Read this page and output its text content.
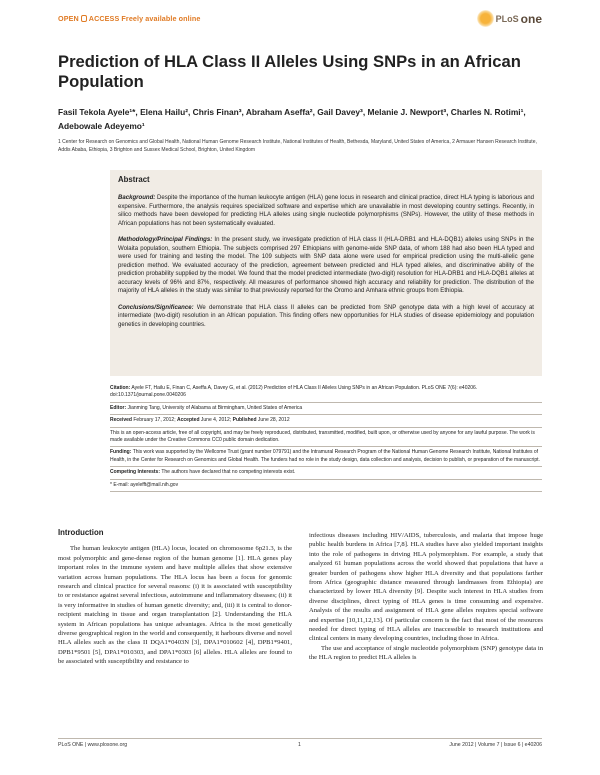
OPEN ACCESS Freely available online	PLoS one
Prediction of HLA Class II Alleles Using SNPs in an African Population
Fasil Tekola Ayele¹*, Elena Hailu², Chris Finan³, Abraham Aseffa², Gail Davey³, Melanie J. Newport³, Charles N. Rotimi¹, Adebowale Adeyemo¹
1 Center for Research on Genomics and Global Health, National Human Genome Research Institute, National Institutes of Health, Bethesda, Maryland, United States of America, 2 Armauer Hansen Research Institute, Addis Ababa, Ethiopia, 3 Brighton and Sussex Medical School, Brighton, United Kingdom
Abstract

Background: Despite the importance of the human leukocyte antigen (HLA) gene locus in research and clinical practice, direct HLA typing is laborious and expensive. Furthermore, the analysis requires specialized software and expertise which are unavailable in most developing country settings. Recently, in silico methods have been developed for predicting HLA alleles using single nucleotide polymorphisms (SNPs). However, the utility of these methods in African populations has not been systematically evaluated.

Methodology/Principal Findings: In the present study, we investigate prediction of HLA class II (HLA-DRB1 and HLA-DQB1) alleles using SNPs in the Wolaita population, southern Ethiopia. The subjects comprised 297 Ethiopians with genome-wide SNP data, of whom 188 had also been HLA typed and were used for training and testing the model. The 109 subjects with SNP data alone were used for empirical prediction using the multi-allelic gene prediction method. We evaluated accuracy of the prediction, agreement between predicted and HLA typed alleles, and discriminative ability of the prediction probability supplied by the model. We found that the model predicted intermediate (two-digit) resolution for HLA-DRB1 and HLA-DQB1 alleles at accuracy levels of 96% and 87%, respectively. All measures of performance showed high accuracy and reliability for prediction. The distribution of the majority of HLA alleles in the study was similar to that previously reported for the Oromo and Amhara ethnic groups from Ethiopia.

Conclusions/Significance: We demonstrate that HLA class II alleles can be predicted from SNP genotype data with a high level of accuracy at intermediate (two-digit) resolution in an African population. This finding offers new opportunities for HLA studies of disease epidemiology and population genetics in developing countries.

Citation: Ayele FT, Hailu E, Finan C, Aseffa A, Davey G, et al. (2012) Prediction of HLA Class II Alleles Using SNPs in an African Population. PLoS ONE 7(6): e40206. doi:10.1371/journal.pone.0040206
Editor: Jianming Tang, University of Alabama at Birmingham, United States of America
Received February 17, 2012; Accepted June 4, 2012; Published June 28, 2012
This is an open-access article, free of all copyright, and may be freely reproduced, distributed, transmitted, modified, built upon, or otherwise used by anyone for any lawful purpose. The work is made available under the Creative Commons CC0 public domain dedication.
Funding: This work was supported by the Wellcome Trust (grant number 079791) and the Intramural Research Program of the National Human Genome Research Institute, National Institutes of Health, in the Center for Research on Genomics and Global Health. The funders had no role in the study design, data collection and analysis, decision to publish, or preparation of the manuscript.
Competing Interests: The authors have declared that no competing interests exist.
* E-mail: ayelefft@mail.nih.gov
Introduction

The human leukocyte antigen (HLA) locus, located on chromosome 6p21.3, is the most polymorphic and gene-dense region of the human genome [1]. HLA genes play important roles in the immune system and have multiple alleles that show extensive variation across human populations. The HLA locus has been a focus for genomic research and clinical practice for several reasons: (i) it is associated with susceptibility to or resistance against several infectious, autoimmune and inflammatory diseases; (ii) it is very informative in studies of human genetic diversity; and, (iii) it is central to donor-recipient matching in tissue and organ transplantation [2]. Understanding the HLA system in African populations has unique advantages. Africa is the most genetically diverse geographical region in the world and consequently, it harbours diverse and novel HLA alleles such as the class II DQA1*0403N [3], DPA1*010602 [4], DPB1*9401, DPB1*9501 [5], DPA1*010303, and DPA1*0303 [6] alleles. HLA alleles are found to be associated with susceptibility and resistance to

infectious diseases including HIV/AIDS, tuberculosis, and malaria that impose huge public health burdens in Africa [7,8]. HLA studies have also yielded important insights into the role of pathogens in driving HLA polymorphism. For example, a study that analyzed 61 human populations across the world showed that populations that have a greater burden of pathogens show higher HLA diversity and that populations farther from Africa (geographic distance measured through landmasses from Ethiopia) are characterized by lower HLA diversity [9]. Despite such interest in HLA studies from diverse disciplines, direct typing of HLA genes is time consuming and expensive. Analysis of the results and assignment of HLA gene alleles requires special software and expertise [10,11,12,13]. Of particular concern is the fact that most of the resources needed for direct typing of HLA alleles are inaccessible to research institutions and clinical centers in many developing countries, including those in Africa.

The use and acceptance of single nucleotide polymorphism (SNP) genotype data in the HLA region to predict HLA alleles is

PLoS ONE | www.plosone.org	1	June 2012 | Volume 7 | Issue 6 | e40206
